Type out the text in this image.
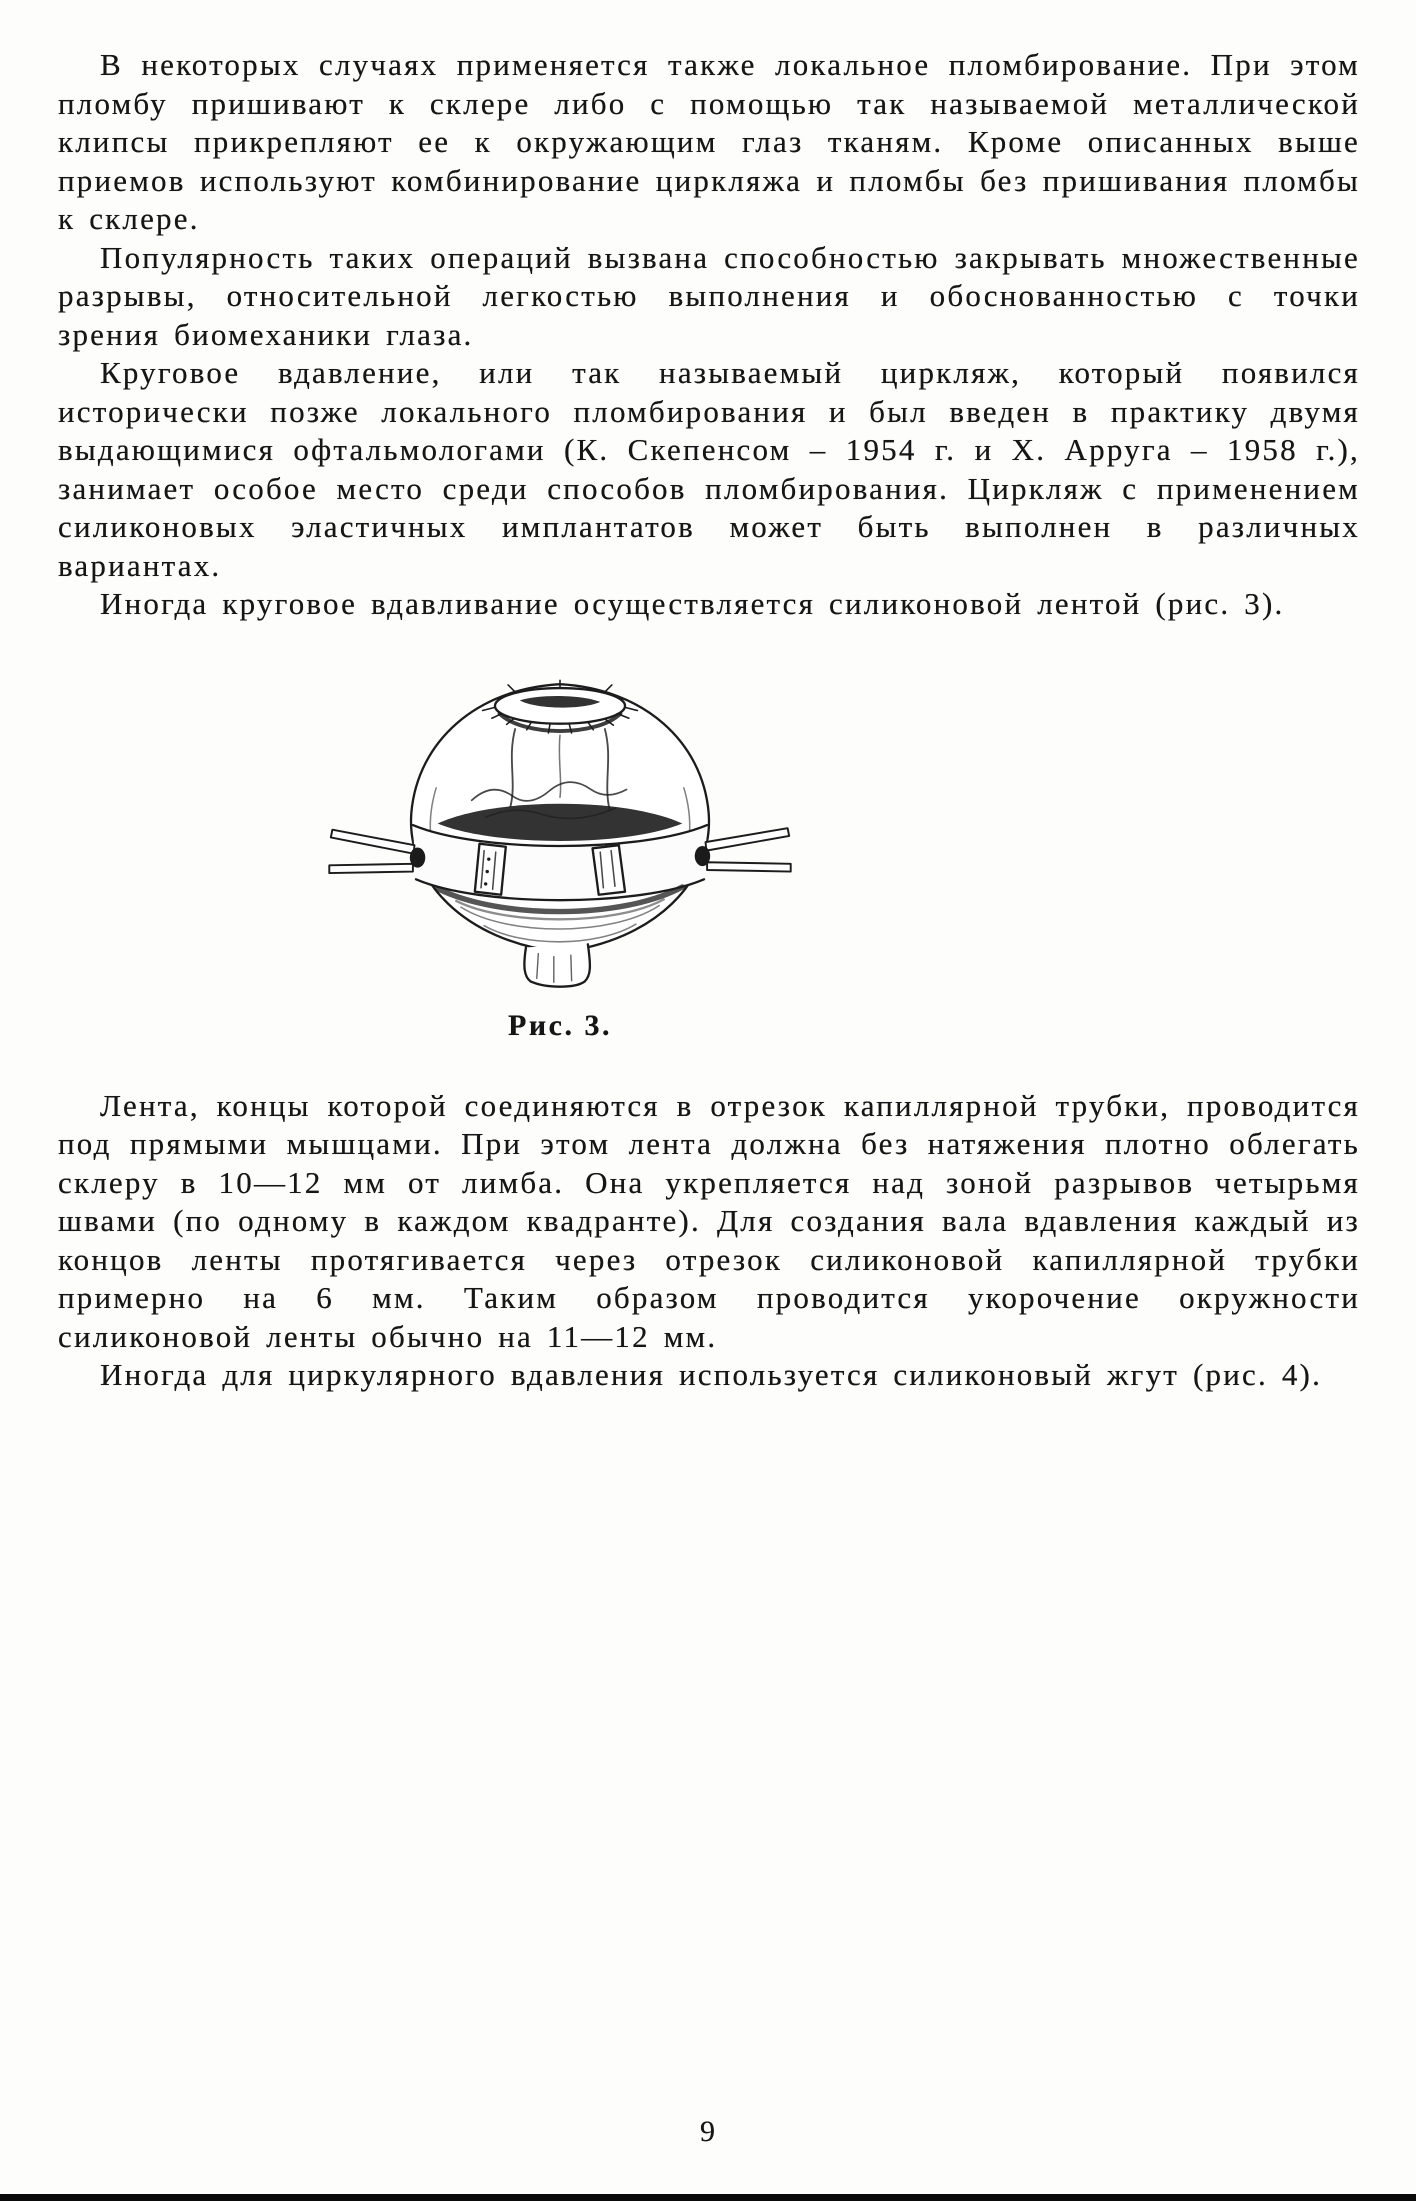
В некоторых случаях применяется также локальное пломбирование. При этом пломбу пришивают к склере либо с помощью так называемой металлической клипсы прикрепляют ее к окружающим глаз тканям. Кроме описанных выше приемов используют комбинирование циркляжа и пломбы без пришивания пломбы к склере.

Популярность таких операций вызвана способностью закрывать множественные разрывы, относительной легкостью выполнения и обоснованностью с точки зрения биомеханики глаза.

Круговое вдавление, или так называемый циркляж, который появился исторически позже локального пломбирования и был введен в практику двумя выдающимися офтальмологами (К. Скепенсом – 1954 г. и Х. Арруга – 1958 г.), занимает особое место среди способов пломбирования. Циркляж с применением силиконовых эластичных имплантатов может быть выполнен в различных вариантах.

Иногда круговое вдавливание осуществляется силиконовой лентой (рис. 3).

Рис. 3.

Лента, концы которой соединяются в отрезок капиллярной трубки, проводится под прямыми мышцами. При этом лента должна без натяжения плотно облегать склеру в 10—12 мм от лимба. Она укрепляется над зоной разрывов четырьмя швами (по одному в каждом квадранте). Для создания вала вдавления каждый из концов ленты протягивается через отрезок силиконовой капиллярной трубки примерно на 6 мм. Таким образом проводится укорочение окружности силиконовой ленты обычно на 11—12 мм.

Иногда для циркулярного вдавления используется силиконовый жгут (рис. 4).

9
